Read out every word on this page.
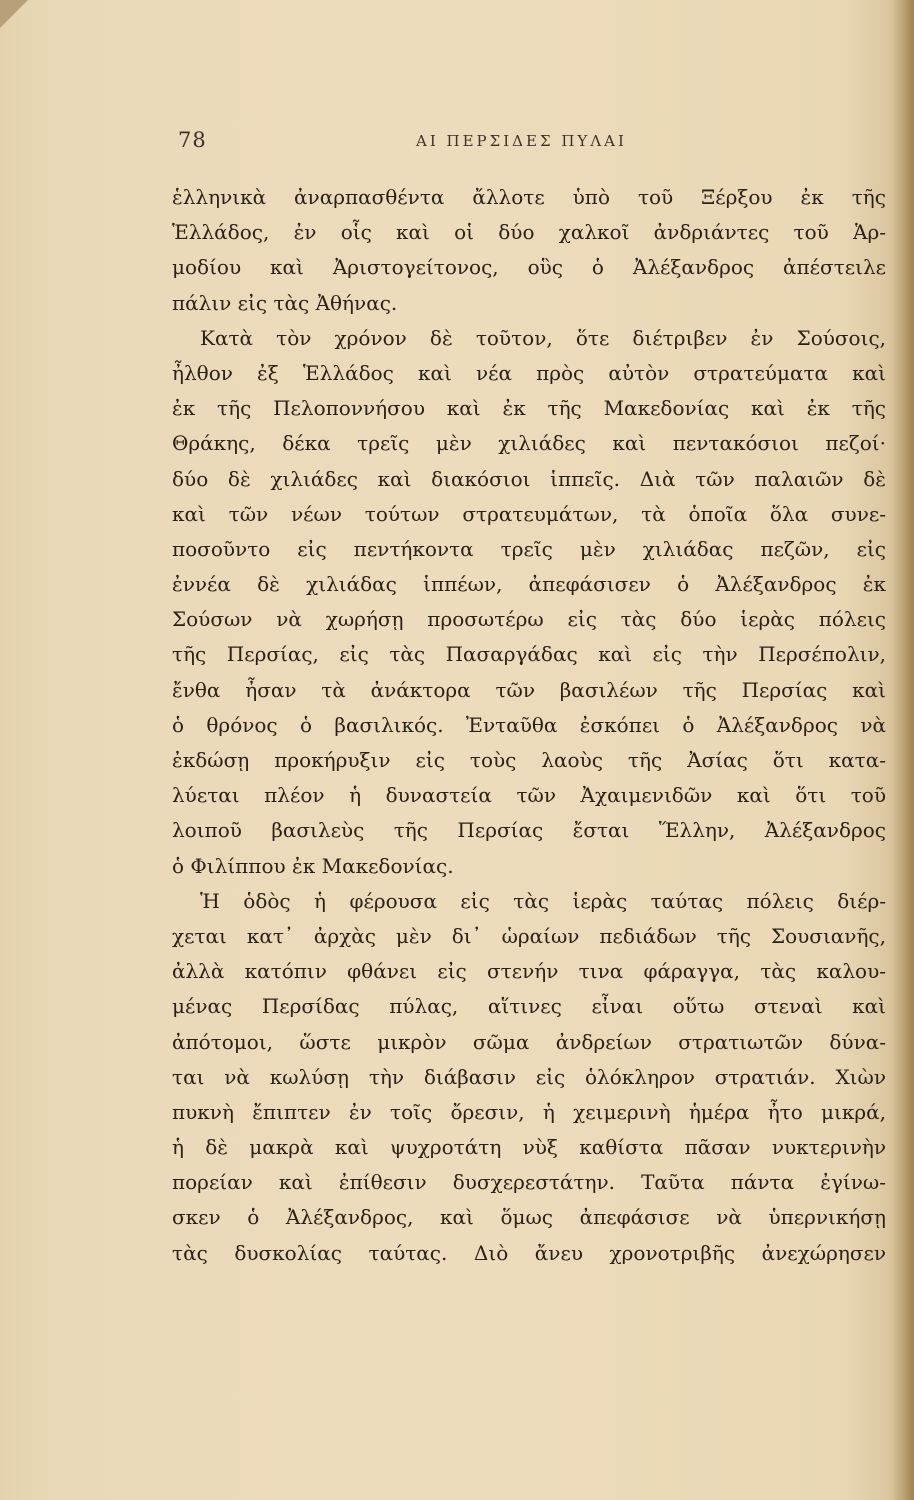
78	ΑΙ ΠΕΡΣΙΔΕΣ ΠΥΛΑΙ
ἑλληνικὰ ἀναρπασθέντα ἄλλοτε ὑπὸ τοῦ Ξέρξου ἐκ τῆς
Ἑλλάδος, ἐν οἷς καὶ οἱ δύο χαλκοῖ ἀνδριάντες τοῦ Ἁρ-
μοδίου καὶ Ἀριστογείτονος, οὓς ὁ Ἀλέξανδρος ἀπέστειλε
πάλιν εἰς τὰς Ἀθήνας.
Κατὰ τὸν χρόνον δὲ τοῦτον, ὅτε διέτριβεν ἐν Σούσοις,
ἦλθον ἐξ Ἑλλάδος καὶ νέα πρὸς αὐτὸν στρατεύματα καὶ
ἐκ τῆς Πελοποννήσου καὶ ἐκ τῆς Μακεδονίας καὶ ἐκ τῆς
Θράκης, δέκα τρεῖς μὲν χιλιάδες καὶ πεντακόσιοι πεζοί·
δύο δὲ χιλιάδες καὶ διακόσιοι ἱππεῖς. Διὰ τῶν παλαιῶν δὲ
καὶ τῶν νέων τούτων στρατευμάτων, τὰ ὁποῖα ὅλα συνε-
ποσοῦντο εἰς πεντήκοντα τρεῖς μὲν χιλιάδας πεζῶν, εἰς
ἐννέα δὲ χιλιάδας ἱππέων, ἀπεφάσισεν ὁ Ἀλέξανδρος ἐκ
Σούσων νὰ χωρήσῃ προσωτέρω εἰς τὰς δύο ἱερὰς πόλεις
τῆς Περσίας, εἰς τὰς Πασαργάδας καὶ εἰς τὴν Περσέπολιν,
ἔνθα ἦσαν τὰ ἀνάκτορα τῶν βασιλέων τῆς Περσίας καὶ
ὁ θρόνος ὁ βασιλικός. Ἐνταῦθα ἐσκόπει ὁ Ἀλέξανδρος νὰ
ἐκδώσῃ προκήρυξιν εἰς τοὺς λαοὺς τῆς Ἀσίας ὅτι κατα-
λύεται πλέον ἡ δυναστεία τῶν Ἀχαιμενιδῶν καὶ ὅτι τοῦ
λοιποῦ βασιλεὺς τῆς Περσίας ἔσται Ἕλλην, Ἀλέξανδρος
ὁ Φιλίππου ἐκ Μακεδονίας.
Ἡ ὁδὸς ἡ φέρουσα εἰς τὰς ἱερὰς ταύτας πόλεις διέρ-
χεται κατ᾽ ἀρχὰς μὲν δι᾽ ὡραίων πεδιάδων τῆς Σουσιανῆς,
ἀλλὰ κατόπιν φθάνει εἰς στενήν τινα φάραγγα, τὰς καλου-
μένας Περσίδας πύλας, αἵτινες εἶναι οὕτω στεναὶ καὶ
ἀπότομοι, ὥστε μικρὸν σῶμα ἀνδρείων στρατιωτῶν δύνα-
ται νὰ κωλύσῃ τὴν διάβασιν εἰς ὁλόκληρον στρατιάν. Χιὼν
πυκνὴ ἔπιπτεν ἐν τοῖς ὄρεσιν, ἡ χειμερινὴ ἡμέρα ἦτο μικρά,
ἡ δὲ μακρὰ καὶ ψυχροτάτη νὺξ καθίστα πᾶσαν νυκτερινὴν
πορείαν καὶ ἐπίθεσιν δυσχερεστάτην. Ταῦτα πάντα ἐγίνω-
σκεν ὁ Ἀλέξανδρος, καὶ ὅμως ἀπεφάσισε νὰ ὑπερνικήσῃ
τὰς δυσκολίας ταύτας. Διὸ ἄνευ χρονοτριβῆς ἀνεχώρησεν
